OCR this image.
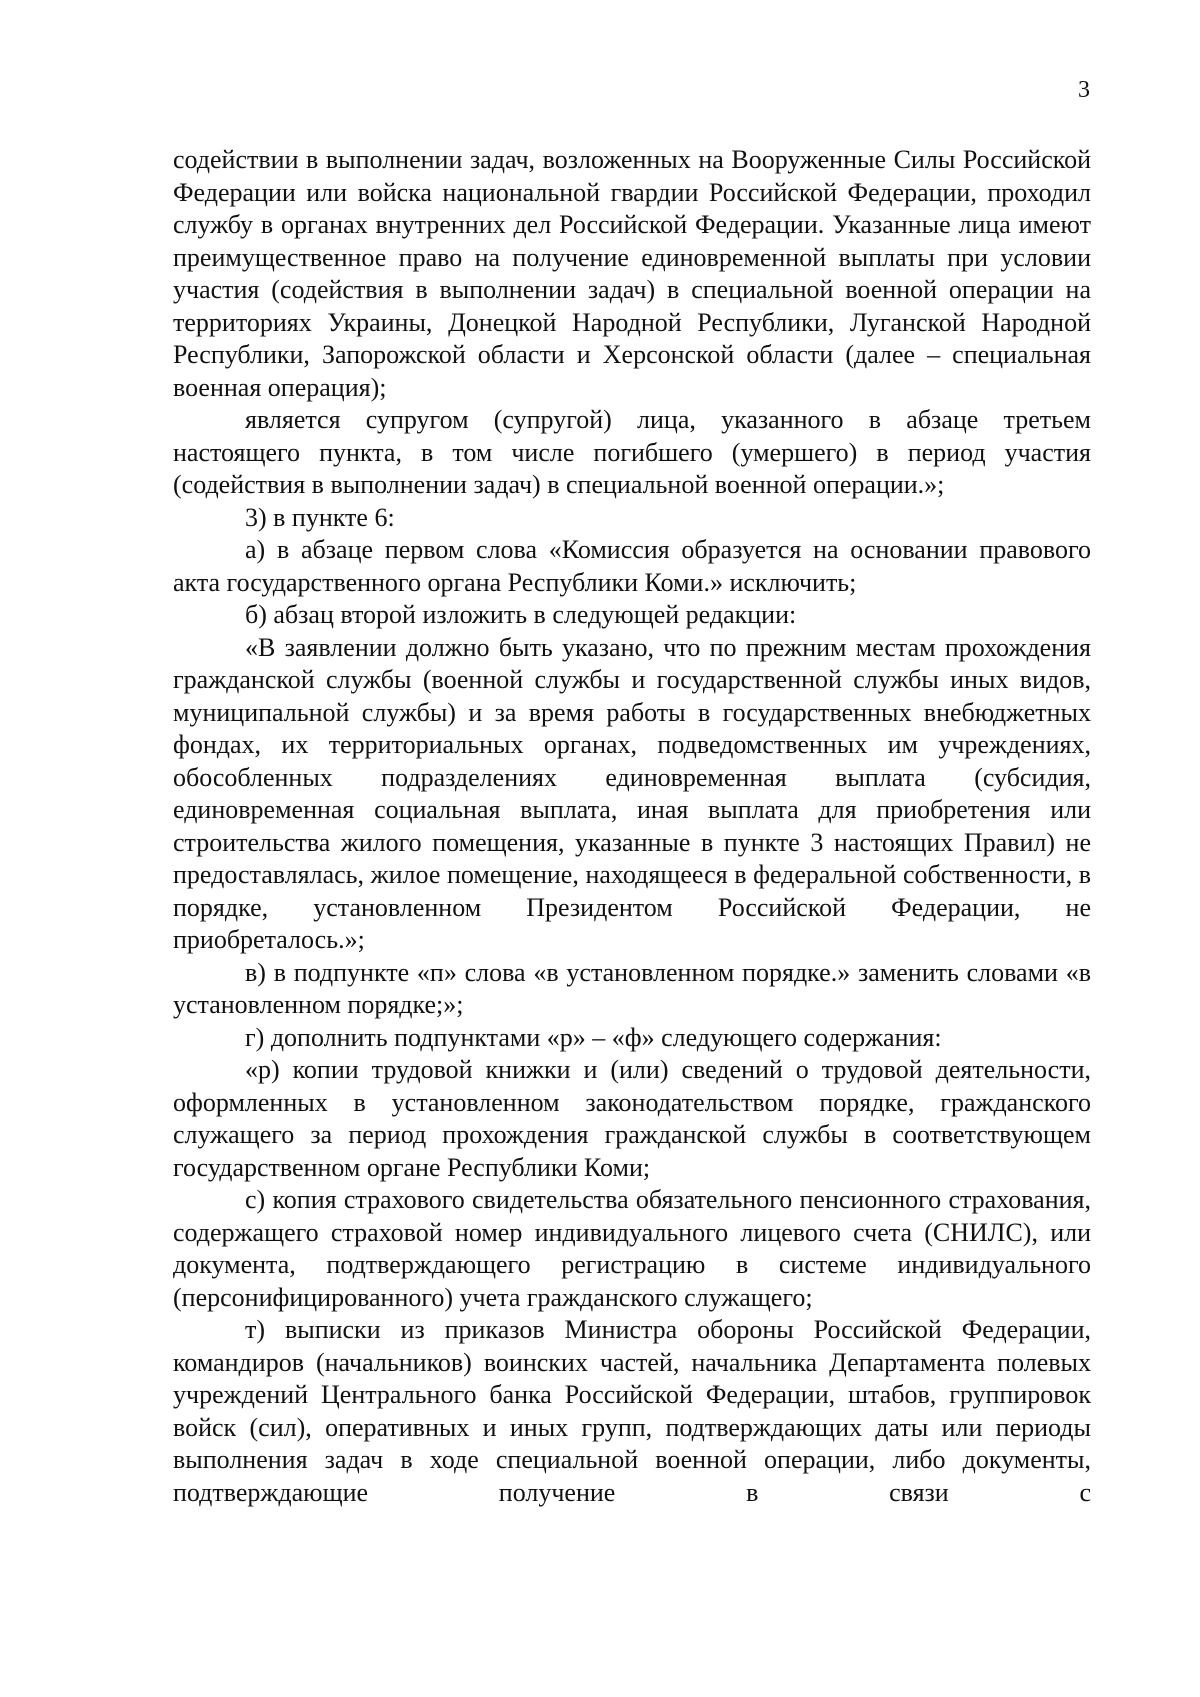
3

содействии в выполнении задач, возложенных на Вооруженные Силы Российской Федерации или войска национальной гвардии Российской Федерации, проходил службу в органах внутренних дел Российской Федерации. Указанные лица имеют преимущественное право на получение единовременной выплаты при условии участия (содействия в выполнении задач) в специальной военной операции на территориях Украины, Донецкой Народной Республики, Луганской Народной Республики, Запорожской области и Херсонской области (далее – специальная военная операция);

является супругом (супругой) лица, указанного в абзаце третьем настоящего пункта, в том числе погибшего (умершего) в период участия (содействия в выполнении задач) в специальной военной операции.»;

3) в пункте 6:

а) в абзаце первом слова «Комиссия образуется на основании правового акта государственного органа Республики Коми.» исключить;

б) абзац второй изложить в следующей редакции:

«В заявлении должно быть указано, что по прежним местам прохождения гражданской службы (военной службы и государственной службы иных видов, муниципальной службы) и за время работы в государственных внебюджетных фондах, их территориальных органах, подведомственных им учреждениях, обособленных подразделениях единовременная выплата (субсидия, единовременная социальная выплата, иная выплата для приобретения или строительства жилого помещения, указанные в пункте 3 настоящих Правил) не предоставлялась, жилое помещение, находящееся в федеральной собственности, в порядке, установленном Президентом Российской Федерации, не приобреталось.»;

в) в подпункте «п» слова «в установленном порядке.» заменить словами «в установленном порядке;»;

г) дополнить подпунктами «р» – «ф» следующего содержания:

«р) копии трудовой книжки и (или) сведений о трудовой деятельности, оформленных в установленном законодательством порядке, гражданского служащего за период прохождения гражданской службы в соответствующем государственном органе Республики Коми;

с) копия страхового свидетельства обязательного пенсионного страхования, содержащего страховой номер индивидуального лицевого счета (СНИЛС), или документа, подтверждающего регистрацию в системе индивидуального (персонифицированного) учета гражданского служащего;

т) выписки из приказов Министра обороны Российской Федерации, командиров (начальников) воинских частей, начальника Департамента полевых учреждений Центрального банка Российской Федерации, штабов, группировок войск (сил), оперативных и иных групп, подтверждающих даты или периоды выполнения задач в ходе специальной военной операции, либо документы, подтверждающие получение в связи с
